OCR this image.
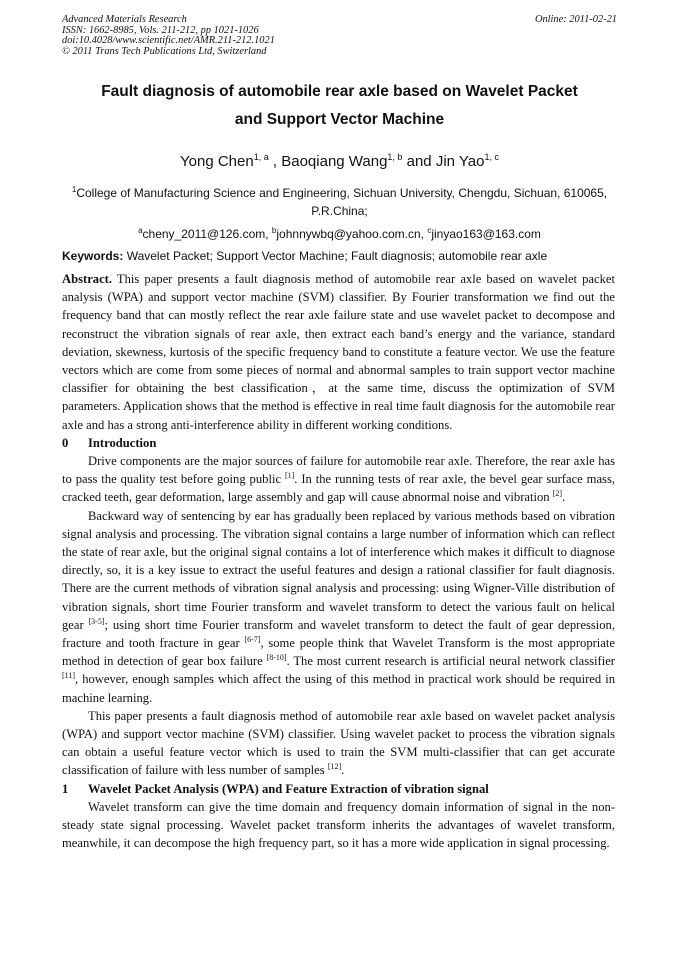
Advanced Materials Research
ISSN: 1662-8985, Vols. 211-212, pp 1021-1026
doi:10.4028/www.scientific.net/AMR.211-212.1021
© 2011 Trans Tech Publications Ltd, Switzerland
Online: 2011-02-21
Fault diagnosis of automobile rear axle based on Wavelet Packet
and Support Vector Machine
Yong Chen$^{1, a}$ , Baoqiang Wang$^{1, b}$ and Jin Yao$^{1, c}$
$^1$College of Manufacturing Science and Engineering, Sichuan University, Chengdu, Sichuan, 610065, P.R.China;
$^a$cheny_2011@126.com, $^b$johnnywbq@yahoo.com.cn, $^c$jinyao163@163.com
Keywords: Wavelet Packet; Support Vector Machine; Fault diagnosis; automobile rear axle

Abstract. This paper presents a fault diagnosis method of automobile rear axle based on wavelet packet analysis (WPA) and support vector machine (SVM) classifier. By Fourier transformation we find out the frequency band that can mostly reflect the rear axle failure state and use wavelet packet to decompose and reconstruct the vibration signals of rear axle, then extract each band’s energy and the variance, standard deviation, skewness, kurtosis of the specific frequency band to constitute a feature vector. We use the feature vectors which are come from some pieces of normal and abnormal samples to train support vector machine classifier for obtaining the best classification，at the same time, discuss the optimization of SVM parameters. Application shows that the method is effective in real time fault diagnosis for the automobile rear axle and has a strong anti-interference ability in different working conditions.

0	Introduction

Drive components are the major sources of failure for automobile rear axle. Therefore, the rear axle has to pass the quality test before going public [1]. In the running tests of rear axle, the bevel gear surface mass, cracked teeth, gear deformation, large assembly and gap will cause abnormal noise and vibration [2].

Backward way of sentencing by ear has gradually been replaced by various methods based on vibration signal analysis and processing. The vibration signal contains a large number of information which can reflect the state of rear axle, but the original signal contains a lot of interference which makes it difficult to diagnose directly, so, it is a key issue to extract the useful features and design a rational classifier for fault diagnosis. There are the current methods of vibration signal analysis and processing: using Wigner-Ville distribution of vibration signals, short time Fourier transform and wavelet transform to detect the various fault on helical gear [3-5]; using short time Fourier transform and wavelet transform to detect the fault of gear depression, fracture and tooth fracture in gear [6-7], some people think that Wavelet Transform is the most appropriate method in detection of gear box failure [8-10]. The most current research is artificial neural network classifier [11], however, enough samples which affect the using of this method in practical work should be required in machine learning.

This paper presents a fault diagnosis method of automobile rear axle based on wavelet packet analysis (WPA) and support vector machine (SVM) classifier. Using wavelet packet to process the vibration signals can obtain a useful feature vector which is used to train the SVM multi-classifier that can get accurate classification of failure with less number of samples [12].

1	Wavelet Packet Analysis (WPA) and Feature Extraction of vibration signal

Wavelet transform can give the time domain and frequency domain information of signal in the non-steady state signal processing. Wavelet packet transform inherits the advantages of wavelet transform, meanwhile, it can decompose the high frequency part, so it has a more wide application in signal processing.
